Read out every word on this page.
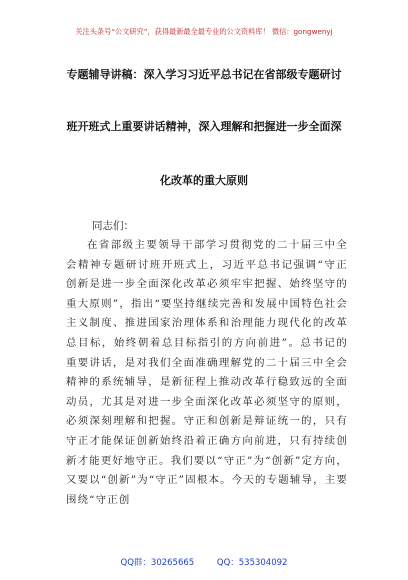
关注头条号“公文研究”，获得最新最全最专业的公文资料库！ 微信：gongwenyj
专题辅导讲稿：深入学习习近平总书记在省部级专题研讨
班开班式上重要讲话精神，深入理解和把握进一步全面深
化改革的重大原则
同志们：
在省部级主要领导干部学习贯彻党的二十届三中全会精神专题研讨班开班式上，习近平总书记强调“守正创新是进一步全面深化改革必须牢牢把握、始终坚守的重大原则”，指出“要坚持继续完善和发展中国特色社会主义制度、推进国家治理体系和治理能力现代化的改革总目标，始终朝着总目标指引的方向前进”。总书记的重要讲话，是对我们全面准确理解党的二十届三中全会精神的系统辅导，是新征程上推动改革行稳致远的全面动员，尤其是对进一步全面深化改革必须坚守的原则，必须深刻理解和把握。守正和创新是辩证统一的，只有守正才能保证创新始终沿着正确方向前进，只有持续创新才能更好地守正。我们要以“守正”为“创新”定方向，又要以“创新”为“守正”固根本。今天的专题辅导，主要围绕“守正创
QQ群：30265665	QQ：535304092
